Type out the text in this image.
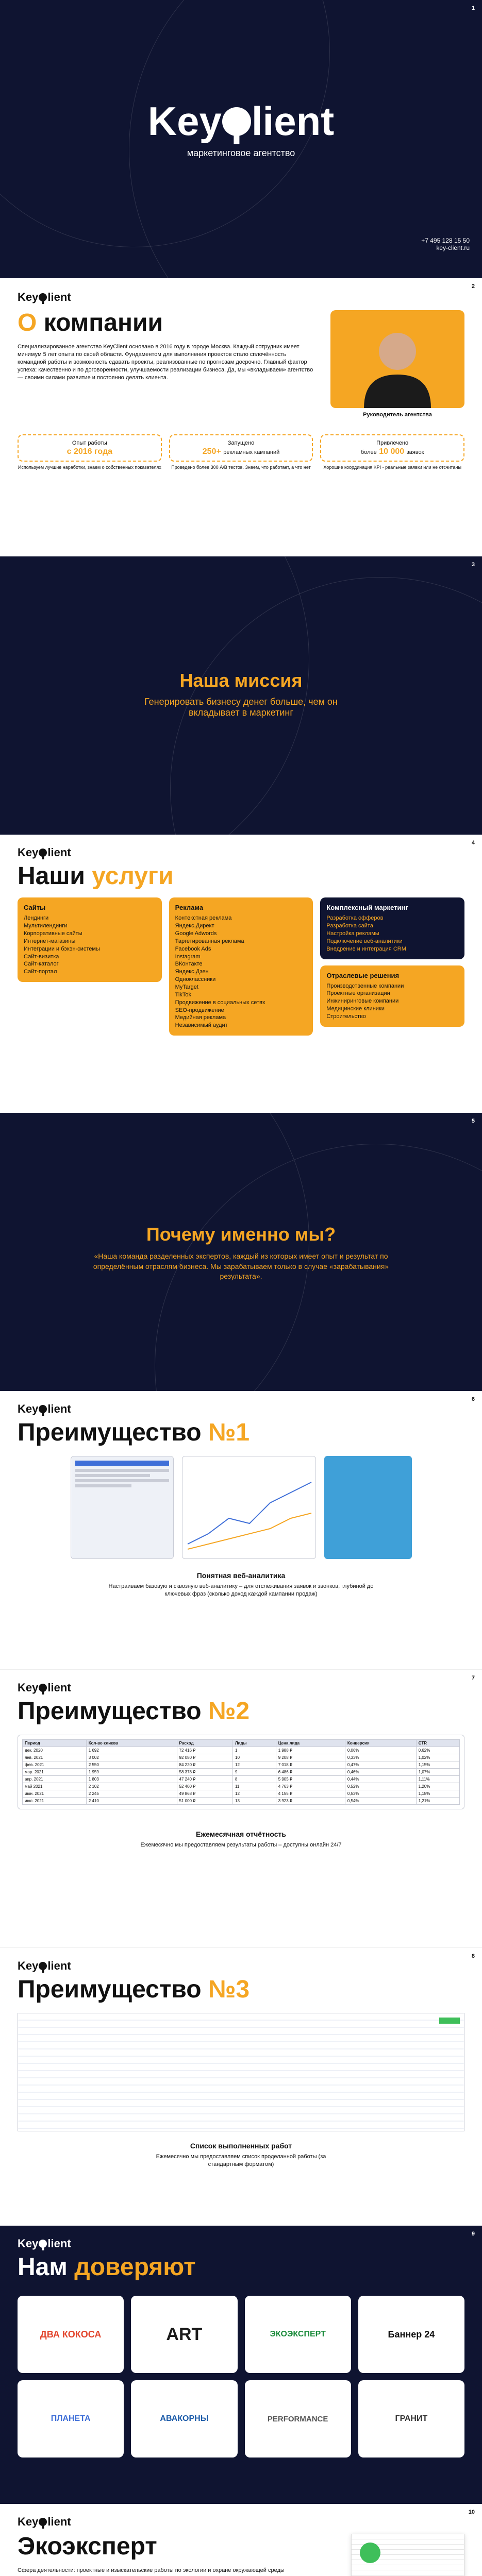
1
Key lient
маркетинговое агентство
+7 495 128 15 50
key-client.ru
2
Key lient
О компании

Специализированное агентство KeyClient основано в 2016 году в городе Москва. Каждый сотрудник имеет минимум 5 лет опыта по своей области. Фундаментом для выполнения проектов стало сплочённость командной работы и возможность сдавать проекты, реализованные по прогнозам досрочно. Главный фактор успеха: качественно и по договорённости, улучшаемости реализации бизнеса. Да, мы «вкладываем» агентство — своими силами развитие и постоянно делать клиента.

Руководитель агентства
Опыт работы
с 2016 года
Используем лучшие наработки, знаем о собственных показателях
Запущено
250+ рекламных кампаний
Проведено более 300 A/B тестов. Знаем, что работает, а что нет
Привлечено
более 10 000 заявок
Хорошие координация KPI - реальные заявки или не отсчитаны
3
Наша миссия
Генерировать бизнесу денег больше, чем он вкладывает в маркетинг
4
Key lient
Наши услуги
Сайты
Лендинги
Мультилендинги
Корпоративные сайты
Интернет-магазины
Интеграции и бэкэн-системы
Сайт-визитка
Сайт-каталог
Сайт-портал
Реклама
Контекстная реклама
Яндекс.Директ
Google Adwords
Таргетированная реклама
Facebook Ads
Instagram
ВКонтакте
Яндекс.Дзен
Одноклассники
MyTarget
TikTok
Продвижение в социальных сетях
SEO-продвижение
Медийная реклама
Независимый аудит
Комплексный маркетинг
Разработка офферов
Разработка сайта
Настройка рекламы
Подключение веб-аналитики
Внедрение и интеграция CRM
Отраслевые решения
Производственные компании
Проектные организации
Инжиниринговые компании
Медицинские клиники
Строительство
5
Почему именно мы?
«Наша команда разделенных экспертов, каждый из которых имеет опыт и результат по определённым отраслям бизнеса. Мы зарабатываем только в случае «зарабатывания» результата».
6
Key lient
Преимущество №1
Понятная веб-аналитика
Настраиваем базовую и сквозную веб-аналитику – для отслеживания заявок и звонков, глубиной до ключевых фраз (сколько доход каждой кампании продаж)
7
Key lient
Преимущество №2
Период	Кол-во кликов	Расход	Лиды	Цена лида	Конверсия	CTR
дек. 2020	1 692	72 416 ₽	1	1 988 ₽	0,06%	0,62%
янв. 2021	3 002	92 080 ₽	10	9 208 ₽	0,33%	1,02%
фев. 2021	2 550	84 220 ₽	12	7 018 ₽	0,47%	1,15%
мар. 2021	1 959	58 378 ₽	9	6 486 ₽	0,46%	1,07%
апр. 2021	1 803	47 240 ₽	8	5 905 ₽	0,44%	1,11%
май 2021	2 102	52 400 ₽	11	4 763 ₽	0,52%	1,20%
июн. 2021	2 245	49 868 ₽	12	4 155 ₽	0,53%	1,18%
июл. 2021	2 410	51 000 ₽	13	3 923 ₽	0,54%	1,21%
Ежемесячная отчётность
Ежемесячно мы предоставляем результаты работы – доступны онлайн 24/7
8
Key lient
Преимущество №3
Список выполненных работ
Ежемесячно мы предоставляем список проделанной работы (за стандартным форматом)
9
Key lient
Нам доверяют
ДВА КОКОСА	ART	ЭКОЭКСПЕРТ	Баннер 24
ПЛАНЕТА	АВАКОРНЫ	PERFORMANCE	ГРАНИТ
10
Key lient
Экоэксперт

Сфера деятельности: проектные и изыскательские работы по экологии и охране окружающей среды
